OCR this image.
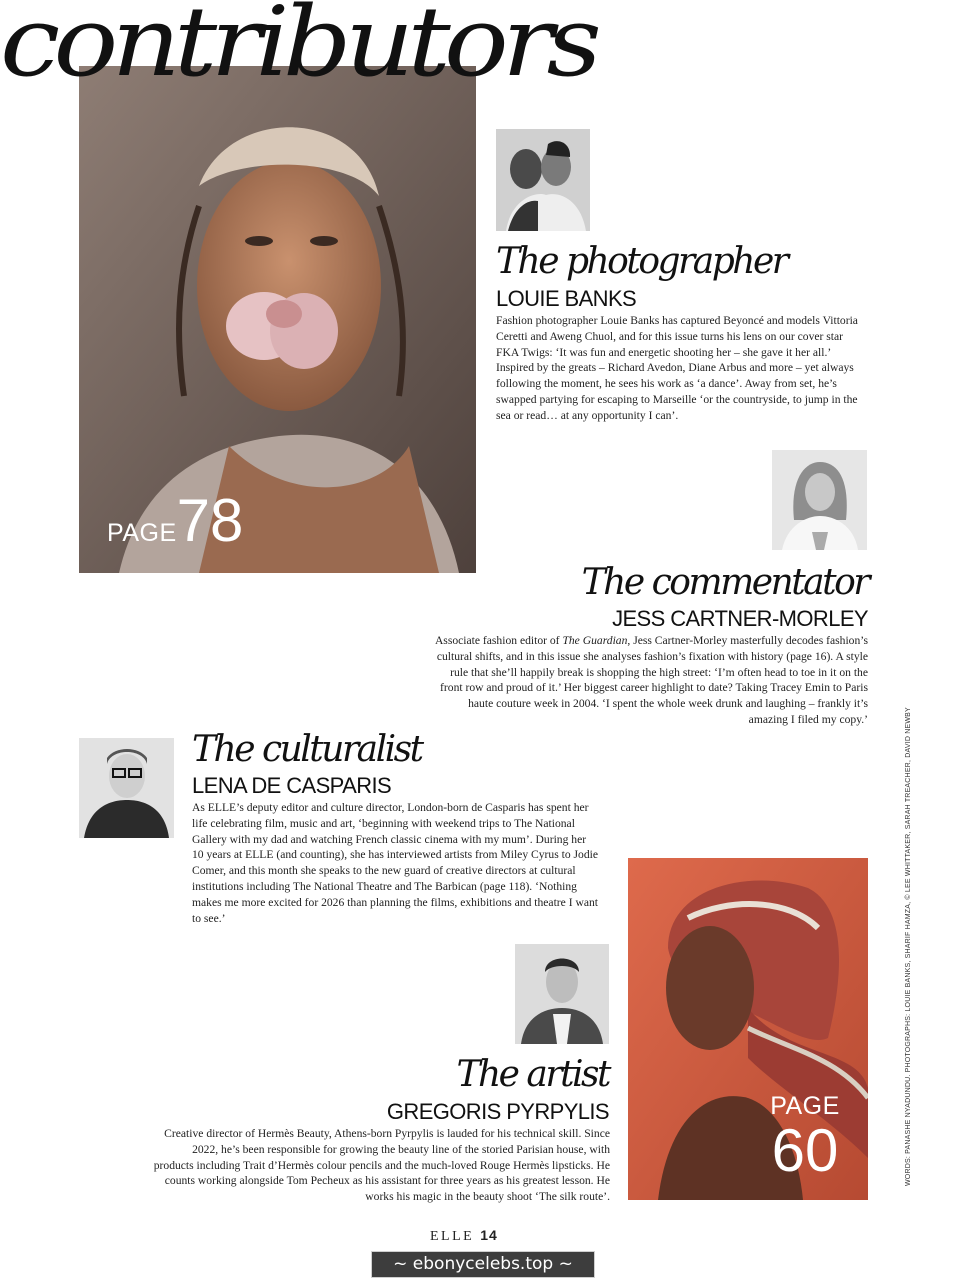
contributors
PAGE78
The photographer
LOUIE BANKS
Fashion photographer Louie Banks has captured Beyoncé and models Vittoria Ceretti and Aweng Chuol, and for this issue turns his lens on our cover star FKA Twigs: ‘It was fun and energetic shooting her – she gave it her all.’ Inspired by the greats – Richard Avedon, Diane Arbus and more – yet always following the moment, he sees his work as ‘a dance’. Away from set, he’s swapped partying for escaping to Marseille ‘or the countryside, to jump in the sea or read… at any opportunity I can’.
The commentator
JESS CARTNER-MORLEY
Associate fashion editor of The Guardian, Jess Cartner-Morley masterfully decodes fashion’s cultural shifts, and in this issue she analyses fashion’s fixation with history (page 16). A style rule that she’ll happily break is shopping the high street: ‘I’m often head to toe in it on the front row and proud of it.’ Her biggest career highlight to date? Taking Tracey Emin to Paris haute couture week in 2004. ‘I spent the whole week drunk and laughing – frankly it’s amazing I filed my copy.’
The culturalist
LENA DE CASPARIS
As ELLE’s deputy editor and culture director, London-born de Casparis has spent her life celebrating film, music and art, ‘beginning with weekend trips to The National Gallery with my dad and watching French classic cinema with my mum’. During her 10 years at ELLE (and counting), she has interviewed artists from Miley Cyrus to Jodie Comer, and this month she speaks to the new guard of creative directors at cultural institutions including The National Theatre and The Barbican (page 118). ‘Nothing makes me more excited for 2026 than planning the films, exhibitions and theatre I want to see.’
PAGE
60
The artist
GREGORIS PYRPYLIS
Creative director of Hermès Beauty, Athens-born Pyrpylis is lauded for his technical skill. Since 2022, he’s been responsible for growing the beauty line of the storied Parisian house, with products including Trait d’Hermès colour pencils and the much-loved Rouge Hermès lipsticks. He counts working alongside Tom Pecheux as his assistant for three years as his greatest lesson. He works his magic in the beauty shoot ‘The silk route’.
WORDS: PANASHE NYADUNDU. PHOTOGRAPHS: LOUIE BANKS, SHARIF HAMZA, © LEE WHITTAKER, SARAH TREACHER, DAVID NEWBY
ELLE 14
~ ebonycelebs.top ~
